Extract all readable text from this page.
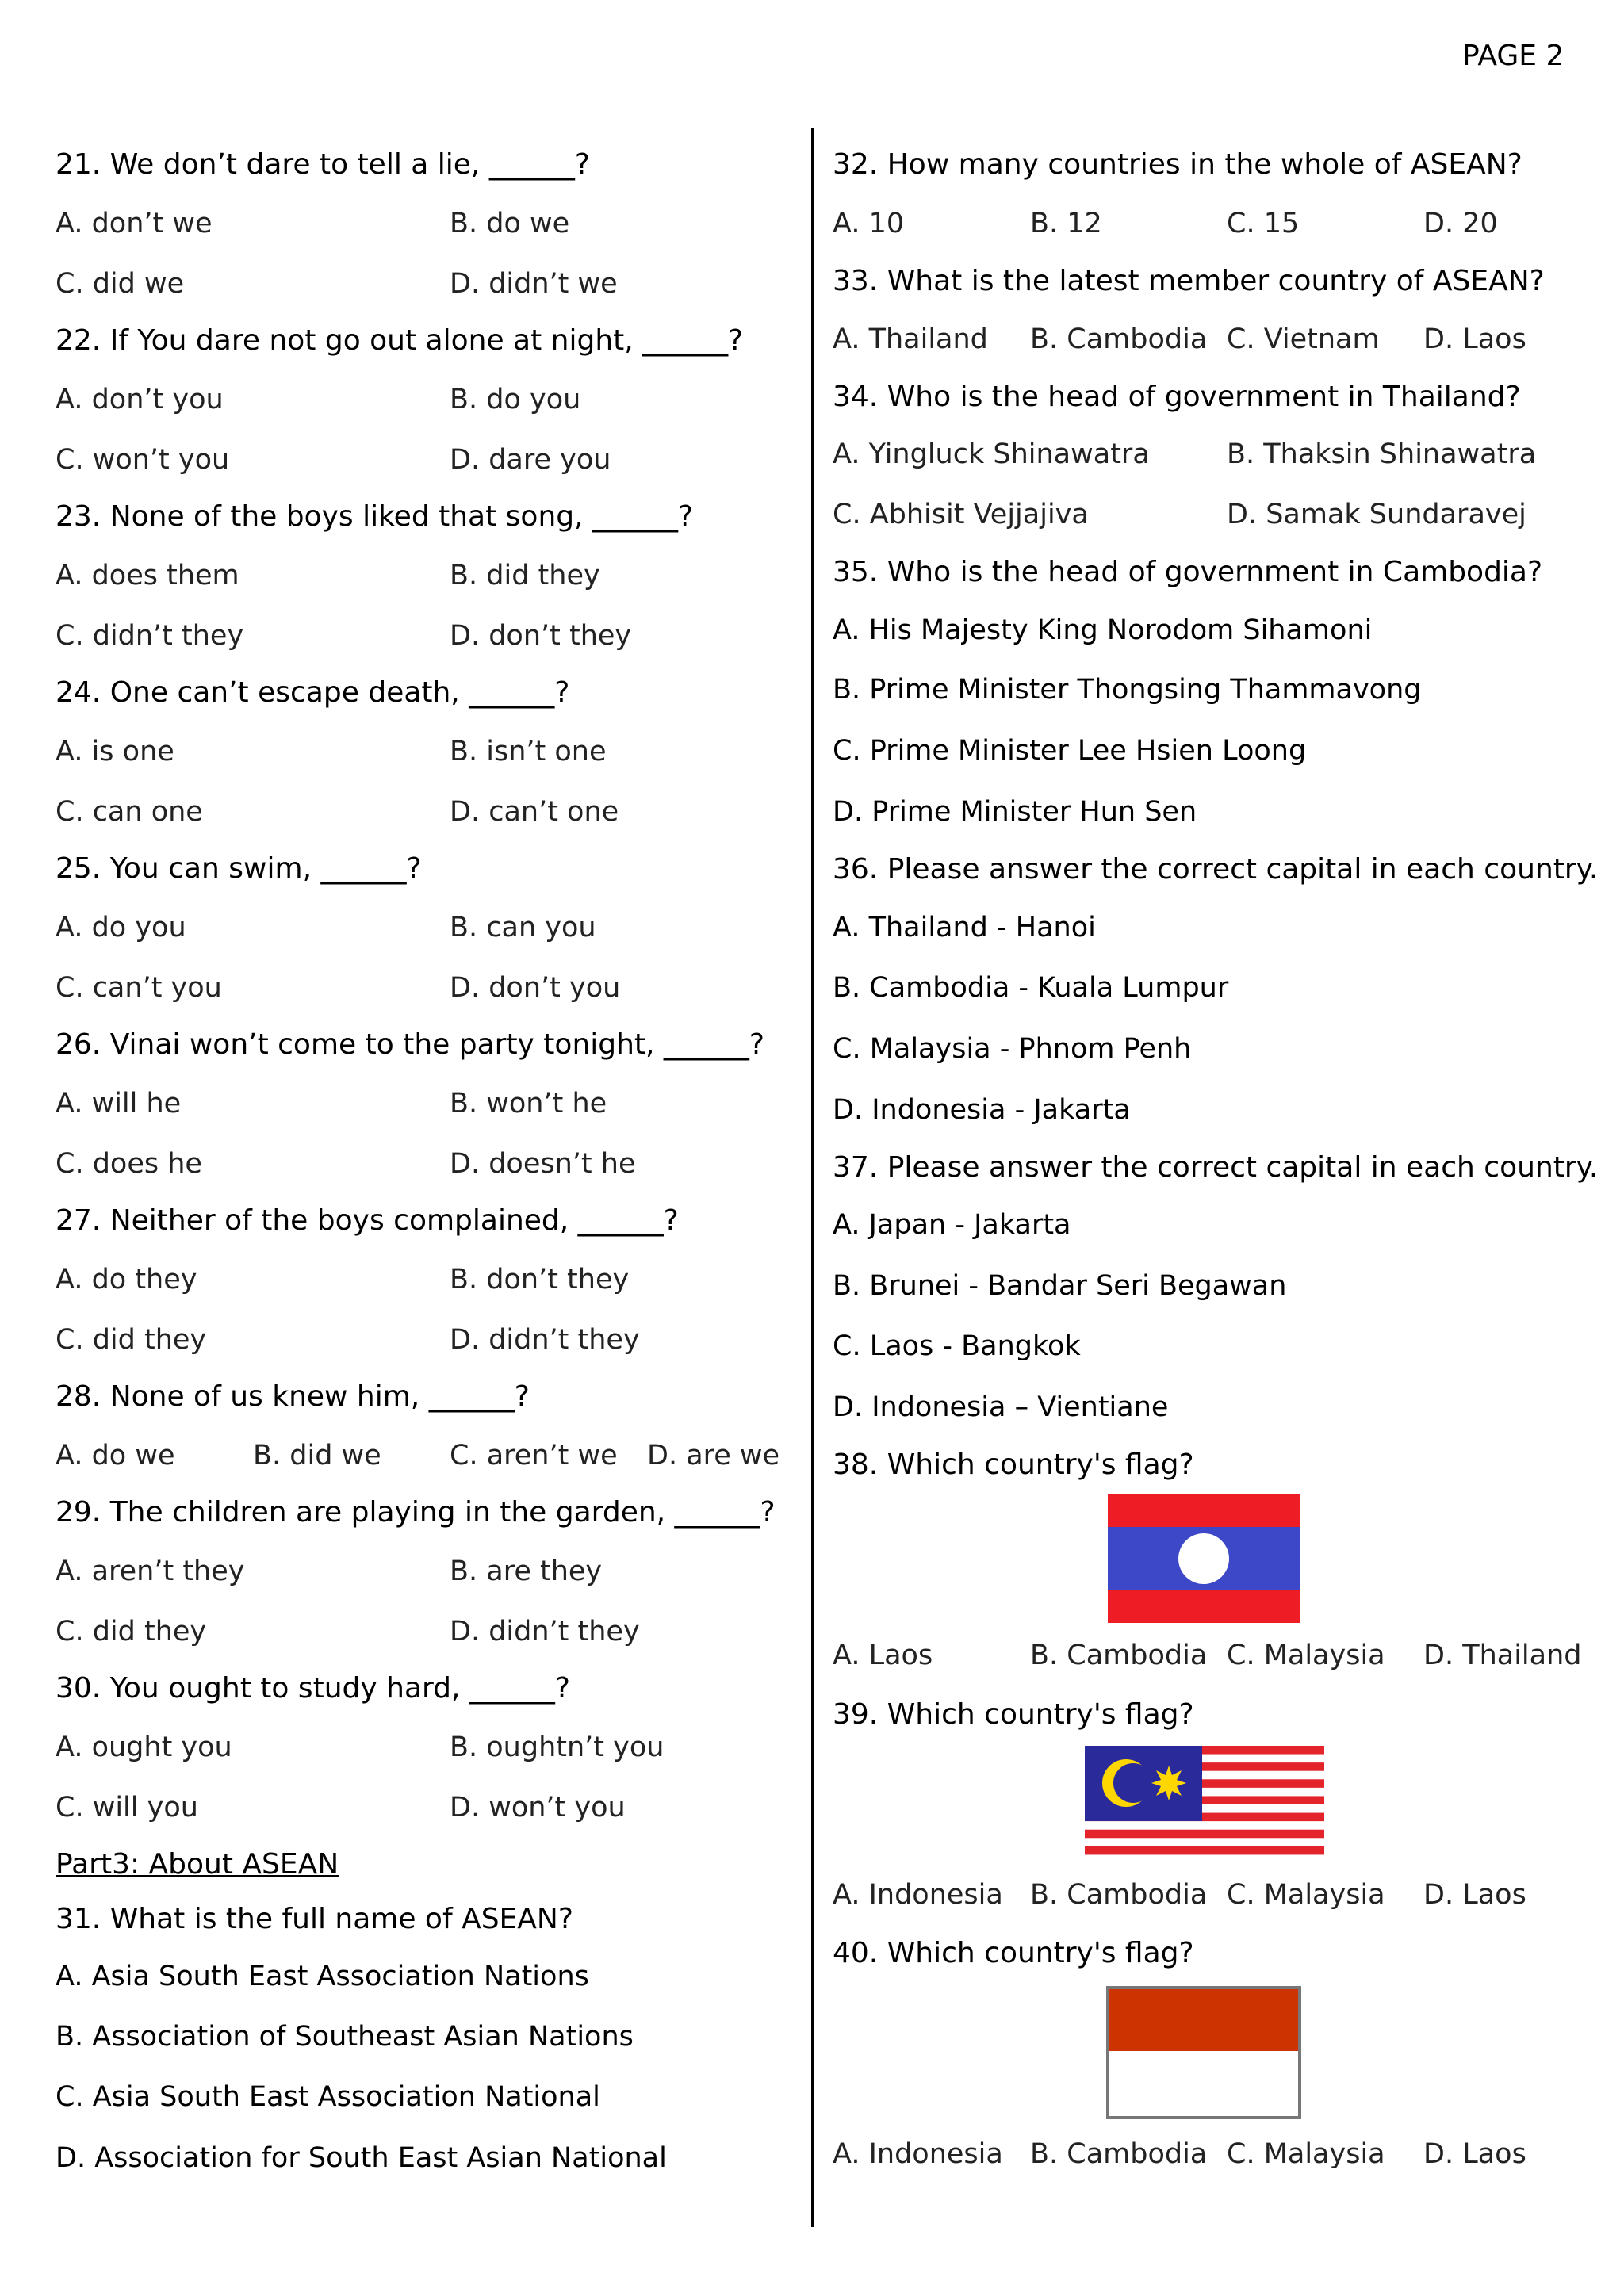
PAGE 2
21. We don’t dare to tell a lie, ______?
A. don’t we	B. do we
C. did we	D. didn’t we
22. If You dare not go out alone at night, ______?
A. don’t you	B. do you
C. won’t you	D. dare you
23. None of the boys liked that song, ______?
A. does them	B. did they
C. didn’t they	D. don’t they
24. One can’t escape death, ______?
A. is one	B. isn’t one
C. can one	D. can’t one
25. You can swim, ______?
A. do you	B. can you
C. can’t you	D. don’t you
26. Vinai won’t come to the party tonight, ______?
A. will he	B. won’t he
C. does he	D. doesn’t he
27. Neither of the boys complained, ______?
A. do they	B. don’t they
C. did they	D. didn’t they
28. None of us knew him, ______?
A. do we	B. did we C. aren’t we D. are we
29. The children are playing in the garden, ______?
A. aren’t they	B. are they
C. did they	D. didn’t they
30. You ought to study hard, ______?
A. ought you	B. oughtn’t you
C. will you	D. won’t you
Part3: About ASEAN
31. What is the full name of ASEAN?
A. Asia South East Association Nations
B. Association of Southeast Asian Nations
C. Asia South East Association National
D. Association for South East Asian National
32. How many countries in the whole of ASEAN?
A. 10	B. 12	C. 15	D. 20
33. What is the latest member country of ASEAN?
A. Thailand B. Cambodia C. Vietnam D. Laos
34. Who is the head of government in Thailand?
A. Yingluck Shinawatra	B. Thaksin Shinawatra
C. Abhisit Vejjajiva	D. Samak Sundaravej
35. Who is the head of government in Cambodia?
A. His Majesty King Norodom Sihamoni
B. Prime Minister Thongsing Thammavong
C. Prime Minister Lee Hsien Loong
D. Prime Minister Hun Sen
36. Please answer the correct capital in each country.
A. Thailand - Hanoi
B. Cambodia - Kuala Lumpur
C. Malaysia - Phnom Penh
D. Indonesia - Jakarta
37. Please answer the correct capital in each country.
A. Japan - Jakarta
B. Brunei - Bandar Seri Begawan
C. Laos - Bangkok
D. Indonesia – Vientiane
38. Which country's flag?
A. Laos	B. Cambodia C. Malaysia D. Thailand
39. Which country's flag?
A. Indonesia B. Cambodia C. Malaysia D. Laos
40. Which country's flag?
A. Indonesia B. Cambodia C. Malaysia D. Laos
